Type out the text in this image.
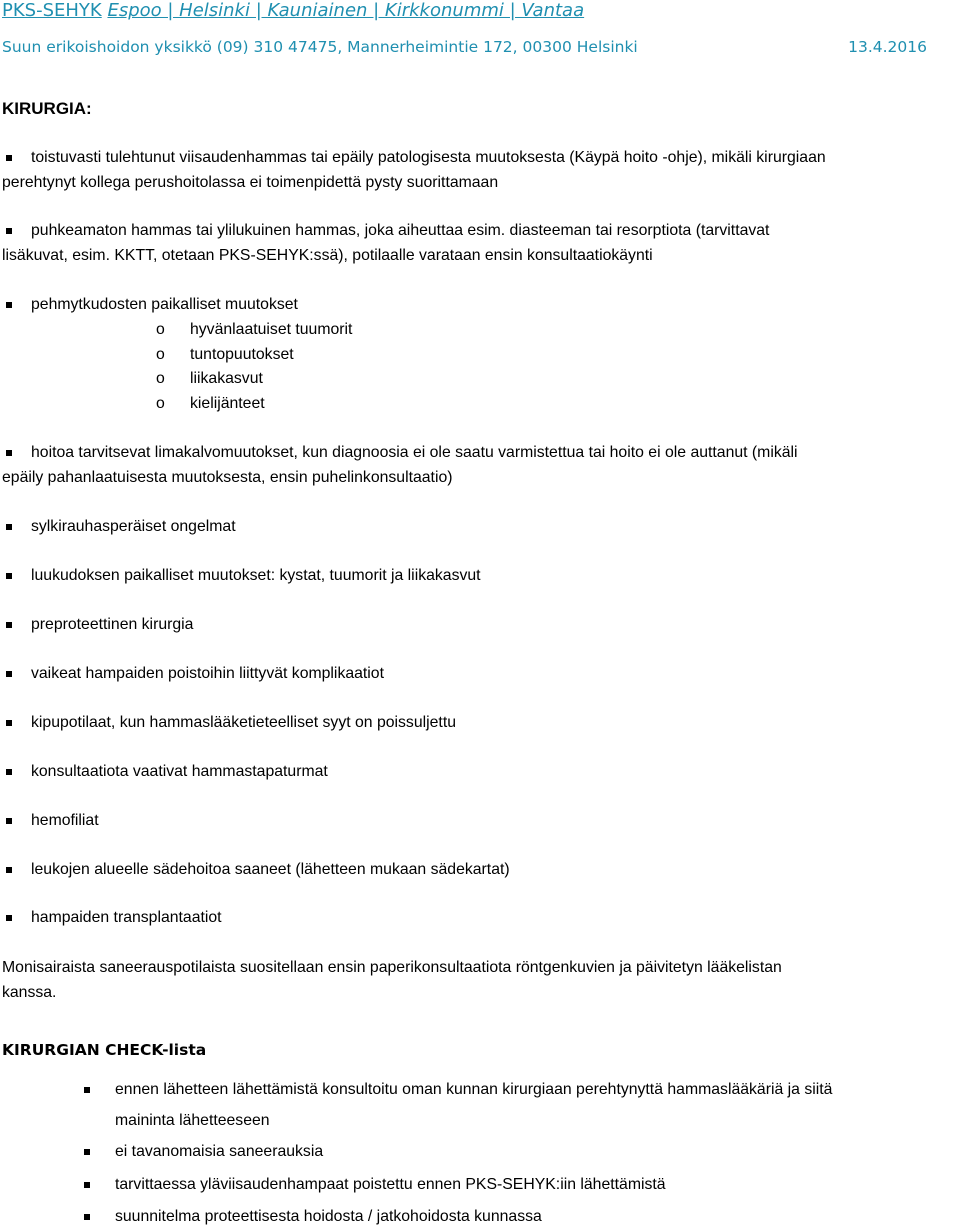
PKS-SEHYK Espoo | Helsinki | Kauniainen | Kirkkonummi | Vantaa
Suun erikoishoidon yksikkö (09) 310 47475, Mannerheimintie 172, 00300 Helsinki	13.4.2016
KIRURGIA:
toistuvasti tulehtunut viisaudenhammas tai epäily patologisesta muutoksesta (Käypä hoito -ohje), mikäli kirurgiaan
perehtynyt kollega perushoitolassa ei toimenpidettä pysty suorittamaan
puhkeamaton hammas tai ylilukuinen hammas, joka aiheuttaa esim. diasteeman tai resorptiota (tarvittavat
lisäkuvat, esim. KKTT, otetaan PKS-SEHYK:ssä), potilaalle varataan ensin konsultaatiokäynti
pehmytkudosten paikalliset muutokset
o hyvänlaatuiset tuumorit
o tuntopuutokset
o liikakasvut
o kielijänteet
hoitoa tarvitsevat limakalvomuutokset, kun diagnoosia ei ole saatu varmistettua tai hoito ei ole auttanut (mikäli
epäily pahanlaatuisesta muutoksesta, ensin puhelinkonsultaatio)
sylkirauhasperäiset ongelmat
luukudoksen paikalliset muutokset: kystat, tuumorit ja liikakasvut
preproteettinen kirurgia
vaikeat hampaiden poistoihin liittyvät komplikaatiot
kipupotilaat, kun hammaslääketieteelliset syyt on poissuljettu
konsultaatiota vaativat hammastapaturmat
hemofiliat
leukojen alueelle sädehoitoa saaneet (lähetteen mukaan sädekartat)
hampaiden transplantaatiot
Monisairaista saneerauspotilaista suositellaan ensin paperikonsultaatiota röntgenkuvien ja päivitetyn lääkelistan
kanssa.
KIRURGIAN CHECK-lista
ennen lähetteen lähettämistä konsultoitu oman kunnan kirurgiaan perehtynyttä hammaslääkäriä ja siitä
maininta lähetteeseen
ei tavanomaisia saneerauksia
tarvittaessa yläviisaudenhampaat poistettu ennen PKS-SEHYK:iin lähettämistä
suunnitelma proteettisesta hoidosta / jatkohoidosta kunnassa
